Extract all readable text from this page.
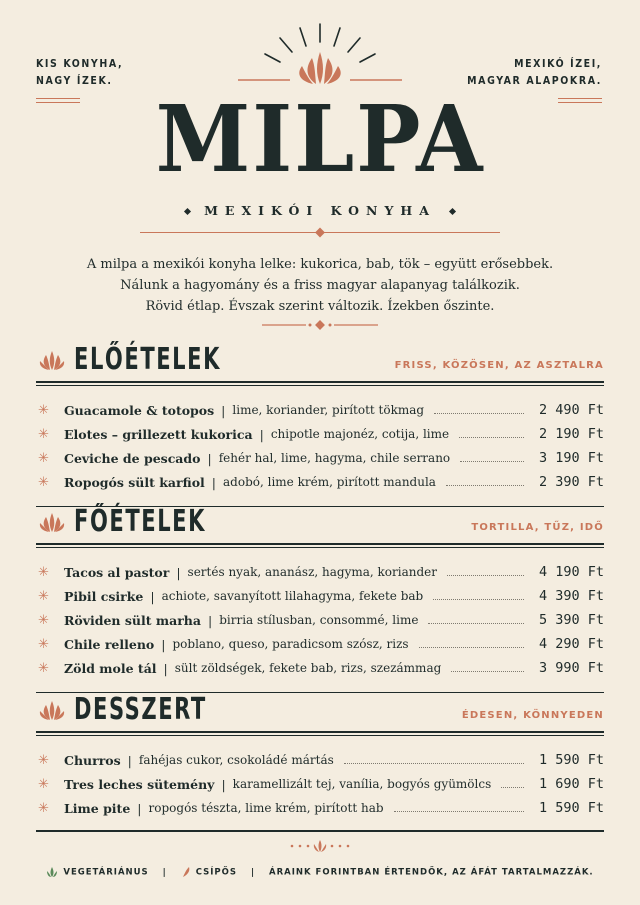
KIS KONYHA,
NAGY ÍZEK.
MEXIKÓ ÍZEI,
MAGYAR ALAPOKRA.
MILPA
MEXIKÓI KONYHA
A milpa a mexikói konyha lelke: kukorica, bab, tök – együtt erősebbek.
Nálunk a hagyomány és a friss magyar alapanyag találkozik.
Rövid étlap. Évszak szerint változik. Ízekben őszinte.
ELŐÉTELEK	FRISS, KÖZÖSEN, AZ ASZTALRA
✳	Guacamole & totopos | lime, koriander, pirított tökmag	2 490 Ft
✳	Elotes – grillezett kukorica | chipotle majonéz, cotija, lime	2 190 Ft
✳	Ceviche de pescado | fehér hal, lime, hagyma, chile serrano	3 190 Ft
✳	Ropogós sült karfiol | adobó, lime krém, pirított mandula	2 390 Ft
FŐÉTELEK	TORTILLA, TŰZ, IDŐ
✳	Tacos al pastor | sertés nyak, ananász, hagyma, koriander	4 190 Ft
✳	Pibil csirke | achiote, savanyított lilahagyma, fekete bab	4 390 Ft
✳	Röviden sült marha | birria stílusban, consommé, lime	5 390 Ft
✳	Chile relleno | poblano, queso, paradicsom szósz, rizs	4 290 Ft
✳	Zöld mole tál | sült zöldségek, fekete bab, rizs, szezámmag	3 990 Ft
DESSZERT	ÉDESEN, KÖNNYEDEN
✳	Churros | fahéjas cukor, csokoládé mártás	1 590 Ft
✳	Tres leches sütemény | karamellizált tej, vanília, bogyós gyümölcs	1 690 Ft
✳	Lime pite | ropogós tészta, lime krém, pirított hab	1 590 Ft
VEGETÁRIÁNUS |	CSÍPŐS | ÁRAINK FORINTBAN ÉRTENDŐK, AZ ÁFÁT TARTALMAZZÁK.
